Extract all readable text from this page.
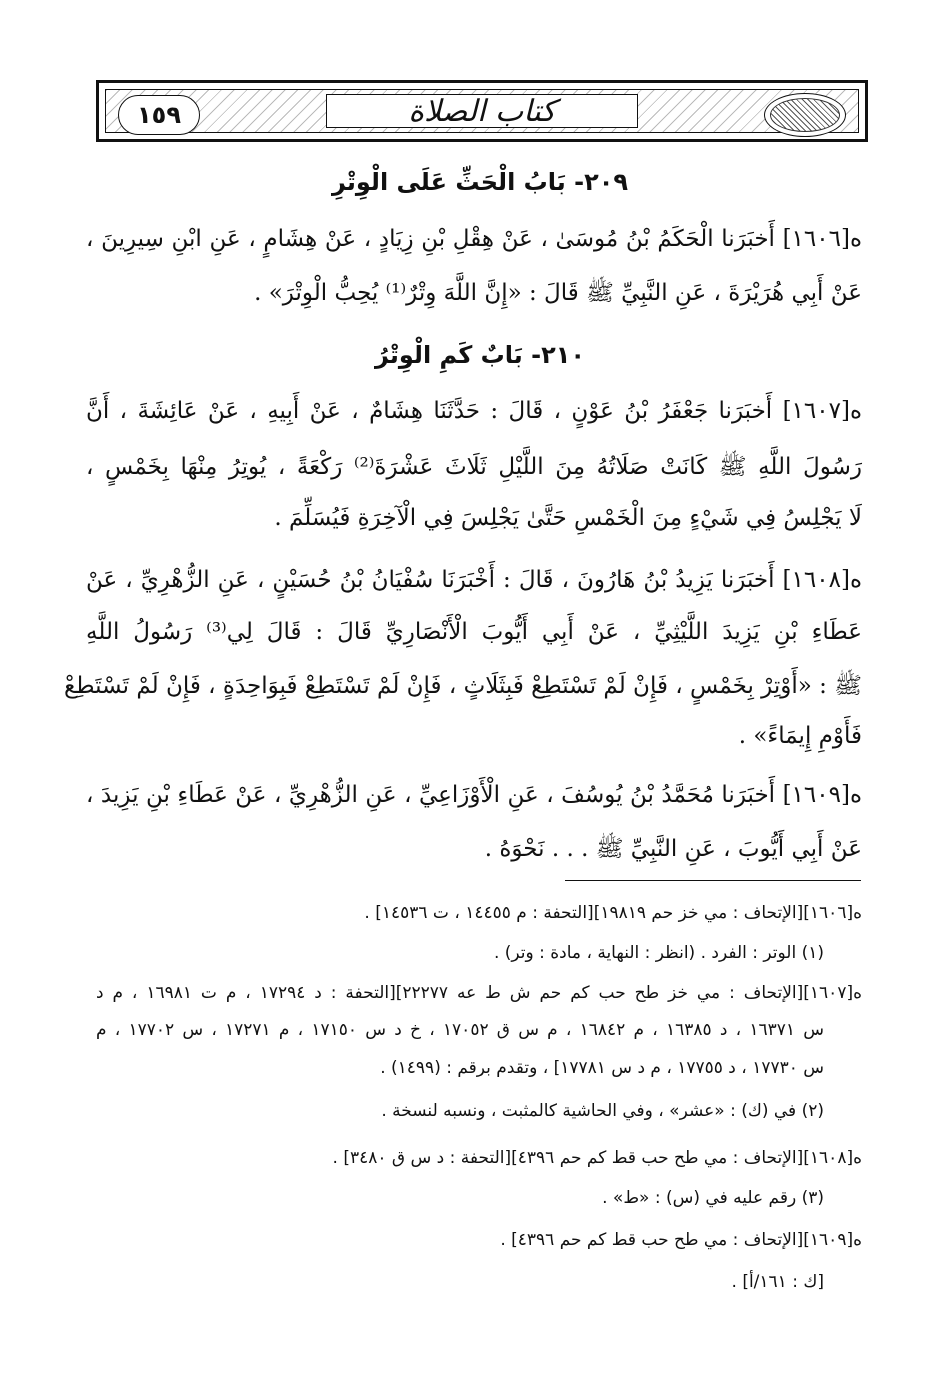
١٥٩	كتاب الصلاة
٢٠٩- بَابُ الْحَثِّ عَلَى الْوِتْرِ
ه[١٦٠٦] أَخبَرَنا الْحَكَمُ بْنُ مُوسَىٰ ، عَنْ هِقْلِ بْنِ زِيَادٍ ، عَنْ هِشَامٍ ، عَنِ ابْنِ سِيرِينَ ،
عَنْ أَبِي هُرَيْرَةَ ، عَنِ النَّبِيِّ ﷺ قَالَ : «إِنَّ اللَّهَ وِتْرٌ⁽¹⁾ يُحِبُّ الْوِتْرَ» .
٢١٠- بَابٌ كَمِ الْوِتْرُ
ه[١٦٠٧] أَخبَرَنا جَعْفَرُ بْنُ عَوْنٍ ، قَالَ : حَدَّثَنَا هِشَامٌ ، عَنْ أَبِيهِ ، عَنْ عَائِشَةَ ، أَنَّ
رَسُولَ اللَّهِ ﷺ كَانَتْ صَلَاتُهُ مِنَ اللَّيْلِ ثَلَاثَ عَشْرَةَ⁽²⁾ رَكْعَةً ، يُوتِرُ مِنْهَا بِخَمْسٍ ،
لَا يَجْلِسُ فِي شَيْءٍ مِنَ الْخَمْسِ حَتَّىٰ يَجْلِسَ فِي الْآخِرَةِ فَيُسَلِّمَ .
ه[١٦٠٨] أَخبَرَنا يَزِيدُ بْنُ هَارُونَ ، قَالَ : أَخْبَرَنَا سُفْيَانُ بْنُ حُسَيْنٍ ، عَنِ الزُّهْرِيِّ ، عَنْ
عَطَاءِ بْنِ يَزِيدَ اللَّيْثِيِّ ، عَنْ أَبِي أَيُّوبَ الْأَنْصَارِيِّ قَالَ : قَالَ لِي⁽³⁾ رَسُولُ اللَّهِ
ﷺ : «أَوْتِرْ بِخَمْسٍ ، فَإِنْ لَمْ تَسْتَطِعْ فَبِثَلَاثٍ ، فَإِنْ لَمْ تَسْتَطِعْ فَبِوَاحِدَةٍ ، فَإِنْ لَمْ تَسْتَطِعْ
فَأَوْمِ إِيمَاءً» .
ه[١٦٠٩] أَخبَرَنا مُحَمَّدُ بْنُ يُوسُفَ ، عَنِ الْأَوْزَاعِيِّ ، عَنِ الزُّهْرِيِّ ، عَنْ عَطَاءِ بْنِ يَزِيدَ ،
عَنْ أَبِي أَيُّوبَ ، عَنِ النَّبِيِّ ﷺ . . . نَحْوَهُ .
ه[١٦٠٦][الإتحاف : مي خز حم ١٩٨١٩][التحفة : م ١٤٤٥٥ ، ت ١٤٥٣٦] .
(١) الوتر : الفرد . (انظر : النهاية ، مادة : وتر) .
ه[١٦٠٧][الإتحاف : مي خز طح حب كم حم ش ط عه ٢٢٢٧٧][التحفة : د ١٧٢٩٤ ، م ت ١٦٩٨١ ، م د
س ١٦٣٧١ ، د ١٦٣٨٥ ، م ١٦٨٤٢ ، م س ق ١٧٠٥٢ ، خ د س ١٧١٥٠ ، م ١٧٢٧١ ، س ١٧٧٠٢ ، م
س ١٧٧٣٠ ، د ١٧٧٥٥ ، م د س ١٧٧٨١] ، وتقدم برقم : (١٤٩٩) .
(٢) في (ك) : «عشر» ، وفي الحاشية كالمثبت ، ونسبه لنسخة .
ه[١٦٠٨][الإتحاف : مي طح حب قط كم حم ٤٣٩٦][التحفة : د س ق ٣٤٨٠] .
(٣) رقم عليه في (س) : «ط» .
ه[١٦٠٩][الإتحاف : مي طح حب قط كم حم ٤٣٩٦] .
[ك : ١٦١/أ] .
